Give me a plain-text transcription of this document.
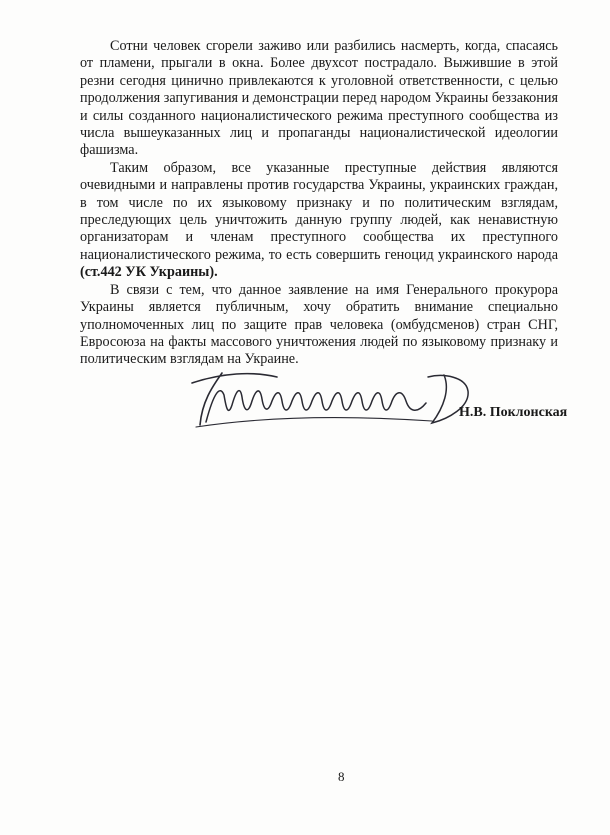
Сотни человек сгорели заживо или разбились насмерть, когда, спасаясь от пламени, прыгали в окна. Более двухсот пострадало. Выжившие в этой резни сегодня цинично привлекаются к уголовной ответственности, с целью продолжения запугивания и демонстрации перед народом Украины беззакония и силы созданного националистического режима преступного сообщества из числа вышеуказанных лиц и пропаганды националистической идеологии фашизма.

Таким образом, все указанные преступные действия являются очевидными и направлены против государства Украины, украинских граждан, в том числе по их языковому признаку и по политическим взглядам, преследующих цель уничтожить данную группу людей, как ненавистную организаторам и членам преступного сообщества их преступного националистического режима, то есть совершить геноцид украинского народа (ст.442 УК Украины).

В связи с тем, что данное заявление на имя Генерального прокурора Украины является публичным, хочу обратить внимание специально уполномоченных лиц по защите прав человека (омбудсменов) стран СНГ, Евросоюза на факты массового уничтожения людей по языковому признаку и политическим взглядам на Украине.

Н.В. Поклонская
8
